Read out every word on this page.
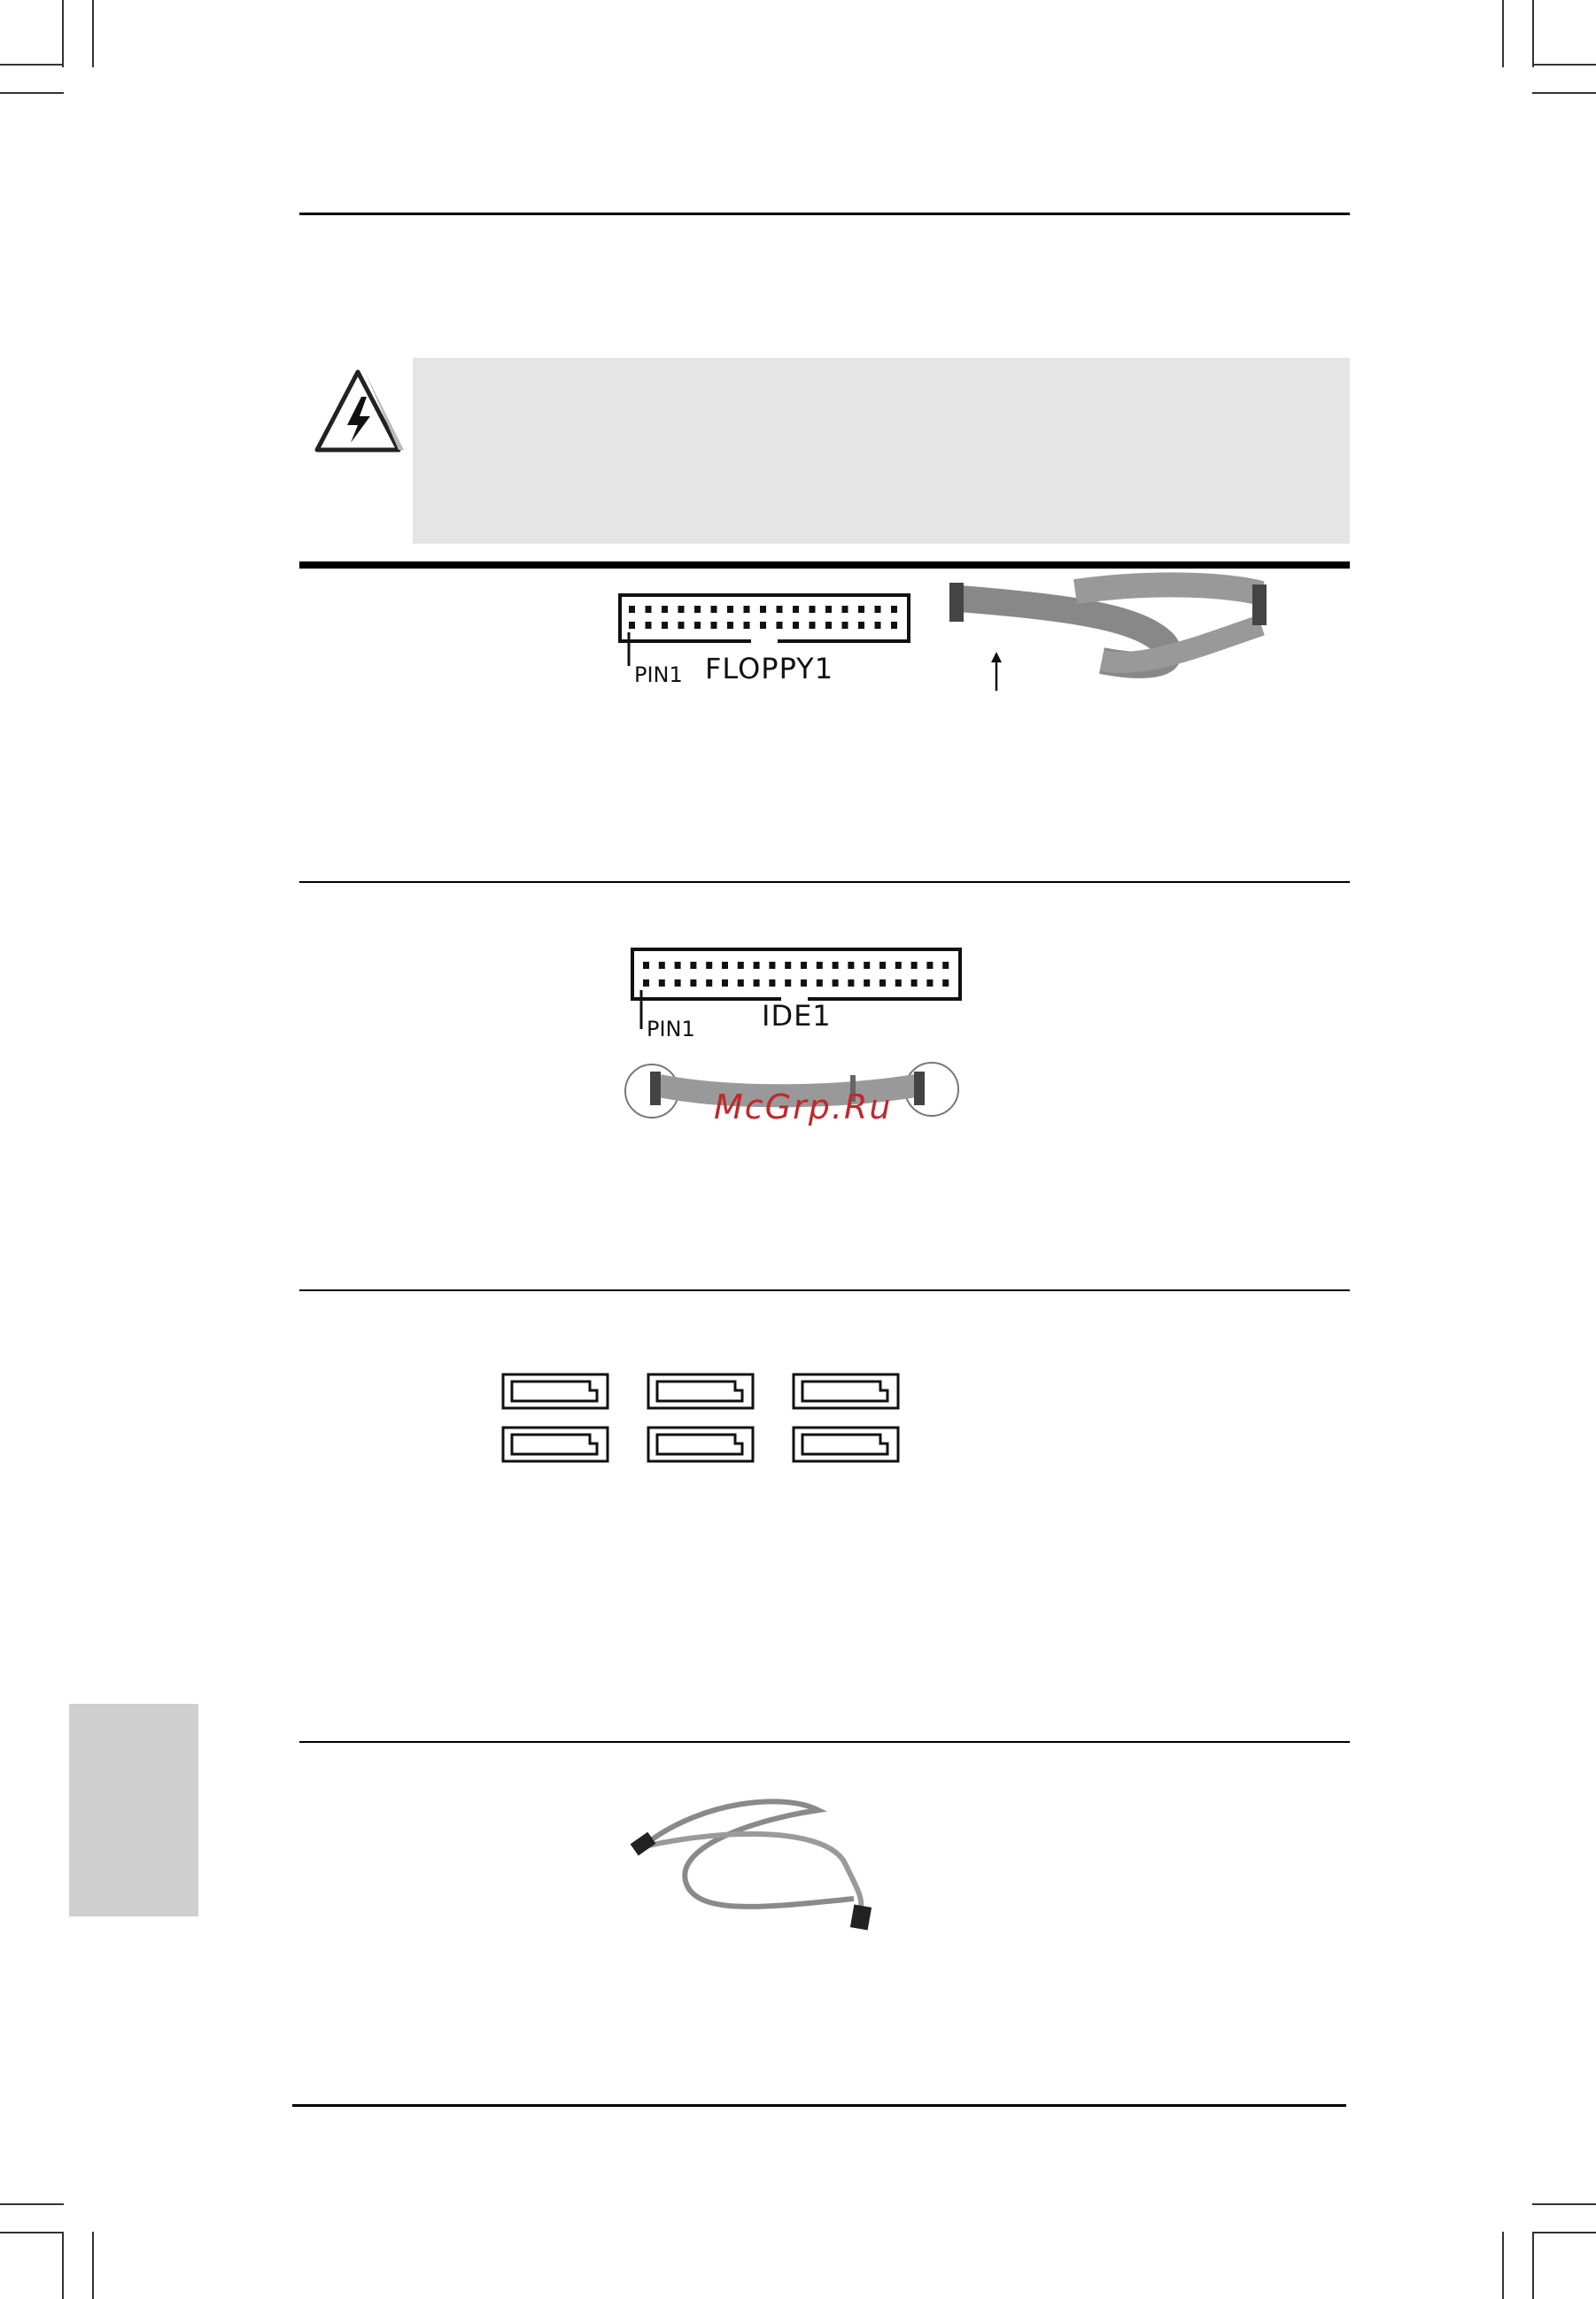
PIN1 FLOPPY1
PIN1 IDE1
McGrp.Ru
